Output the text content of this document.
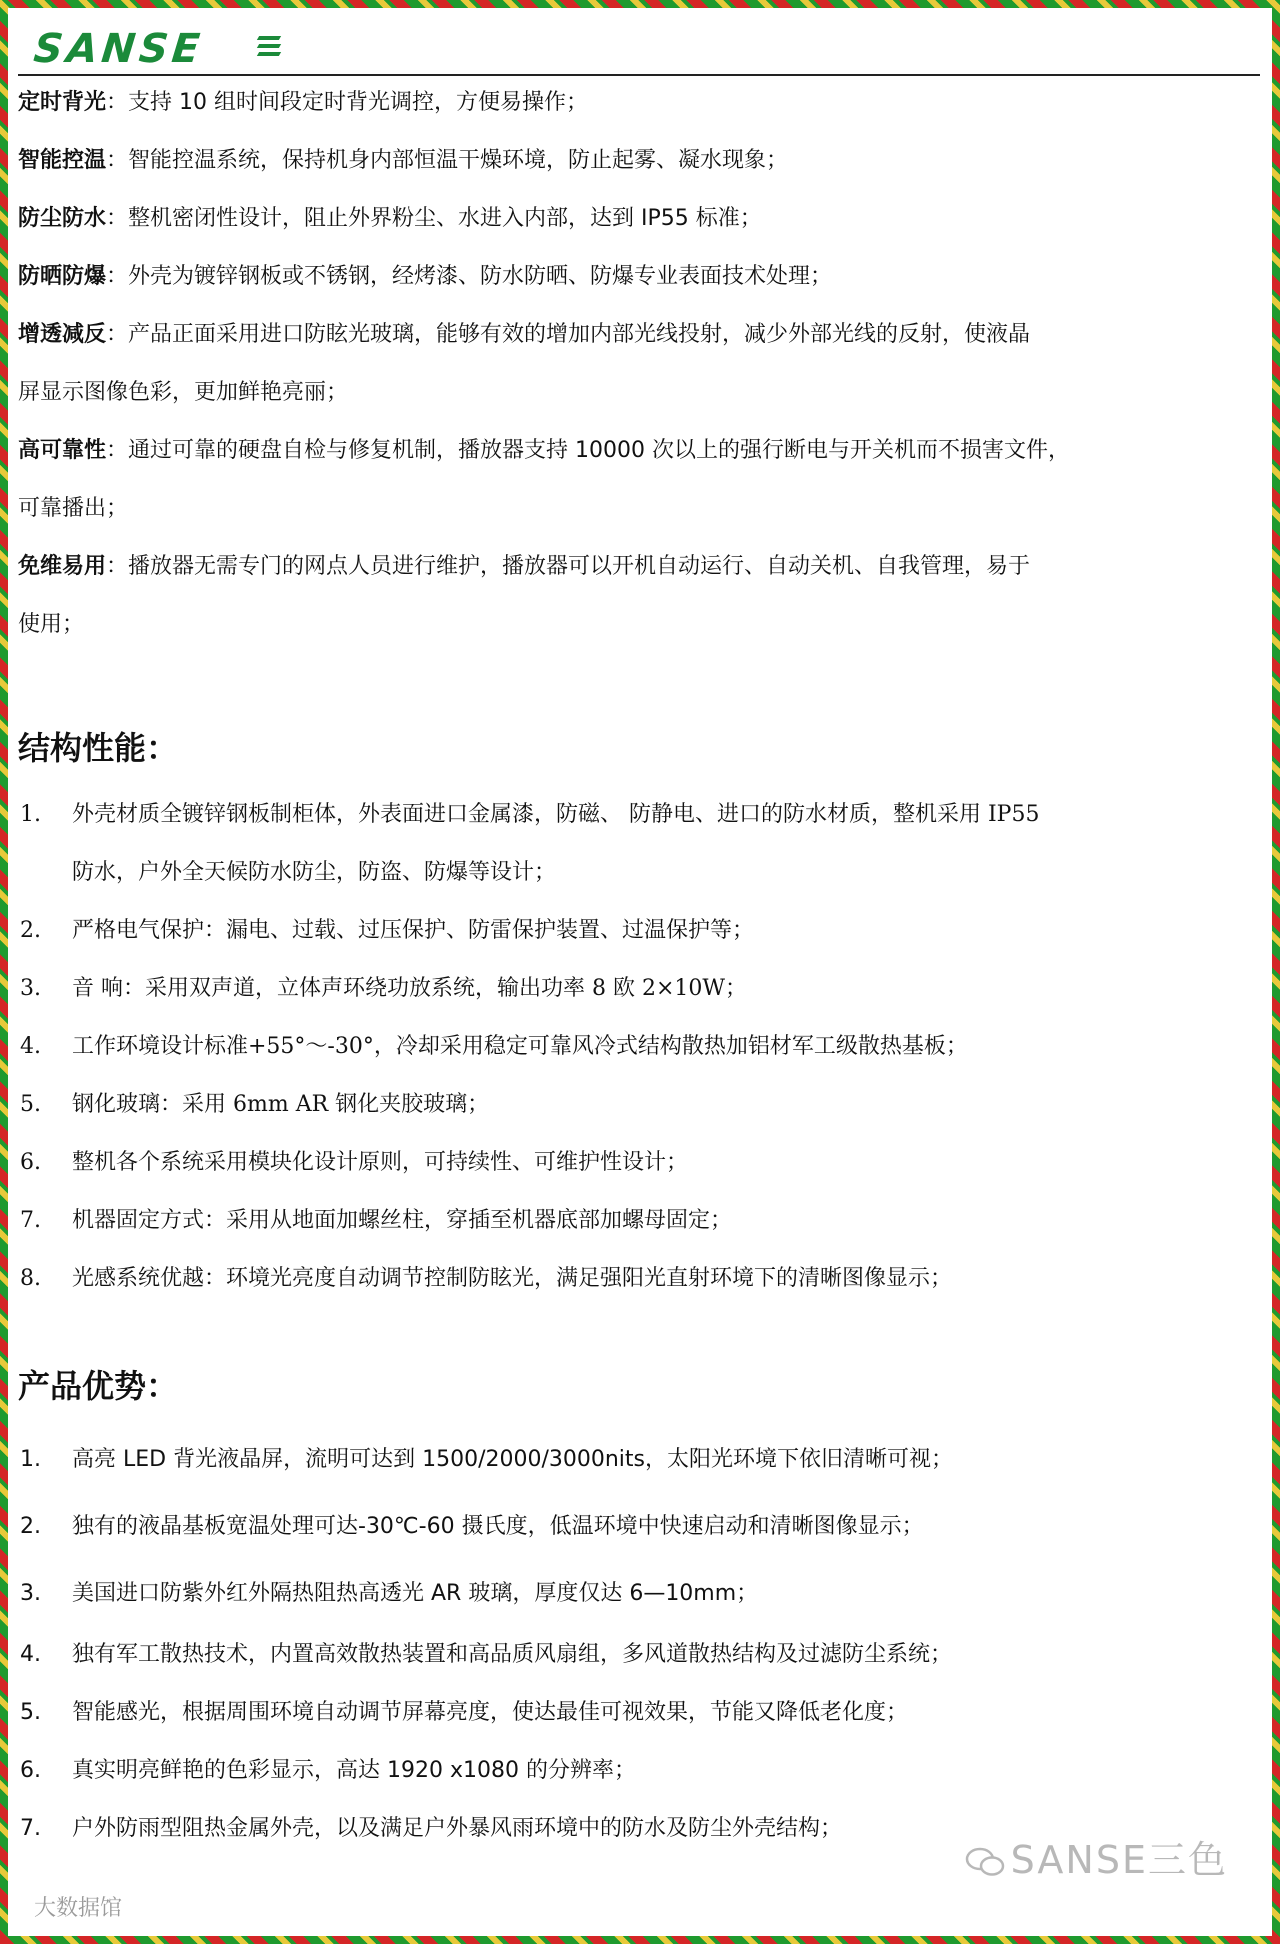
SANSE
定时背光：支持 10 组时间段定时背光调控，方便易操作；
智能控温：智能控温系统，保持机身内部恒温干燥环境，防止起雾、凝水现象；
防尘防水：整机密闭性设计，阻止外界粉尘、水进入内部，达到 IP55 标准；
防晒防爆：外壳为镀锌钢板或不锈钢，经烤漆、防水防晒、防爆专业表面技术处理；
增透减反：产品正面采用进口防眩光玻璃，能够有效的增加内部光线投射，减少外部光线的反射，使液晶
屏显示图像色彩，更加鲜艳亮丽；
高可靠性：通过可靠的硬盘自检与修复机制，播放器支持 10000 次以上的强行断电与开关机而不损害文件，
可靠播出；
免维易用：播放器无需专门的网点人员进行维护，播放器可以开机自动运行、自动关机、自我管理，易于
使用；
结构性能：
1. 外壳材质全镀锌钢板制柜体，外表面进口金属漆，防磁、 防静电、进口的防水材质，整机采用 IP55
防水，户外全天候防水防尘，防盗、防爆等设计；
2. 严格电气保护：漏电、过载、过压保护、防雷保护装置、过温保护等；
3. 音 响：采用双声道，立体声环绕功放系统，输出功率 8 欧 2×10W；
4. 工作环境设计标准+55°～-30°，冷却采用稳定可靠风冷式结构散热加铝材军工级散热基板；
5. 钢化玻璃：采用 6mm AR 钢化夹胶玻璃；
6. 整机各个系统采用模块化设计原则，可持续性、可维护性设计；
7. 机器固定方式：采用从地面加螺丝柱，穿插至机器底部加螺母固定；
8. 光感系统优越：环境光亮度自动调节控制防眩光，满足强阳光直射环境下的清晰图像显示；
产品优势：
1. 高亮 LED 背光液晶屏，流明可达到 1500/2000/3000nits，太阳光环境下依旧清晰可视；
2. 独有的液晶基板宽温处理可达-30℃-60 摄氏度，低温环境中快速启动和清晰图像显示；
3. 美国进口防紫外红外隔热阻热高透光 AR 玻璃，厚度仅达 6—10mm；
4. 独有军工散热技术，内置高效散热装置和高品质风扇组，多风道散热结构及过滤防尘系统；
5. 智能感光，根据周围环境自动调节屏幕亮度，使达最佳可视效果，节能又降低老化度；
6. 真实明亮鲜艳的色彩显示，高达 1920 x1080 的分辨率；
7. 户外防雨型阻热金属外壳，以及满足户外暴风雨环境中的防水及防尘外壳结构；
SANSE三色
大数据馆
